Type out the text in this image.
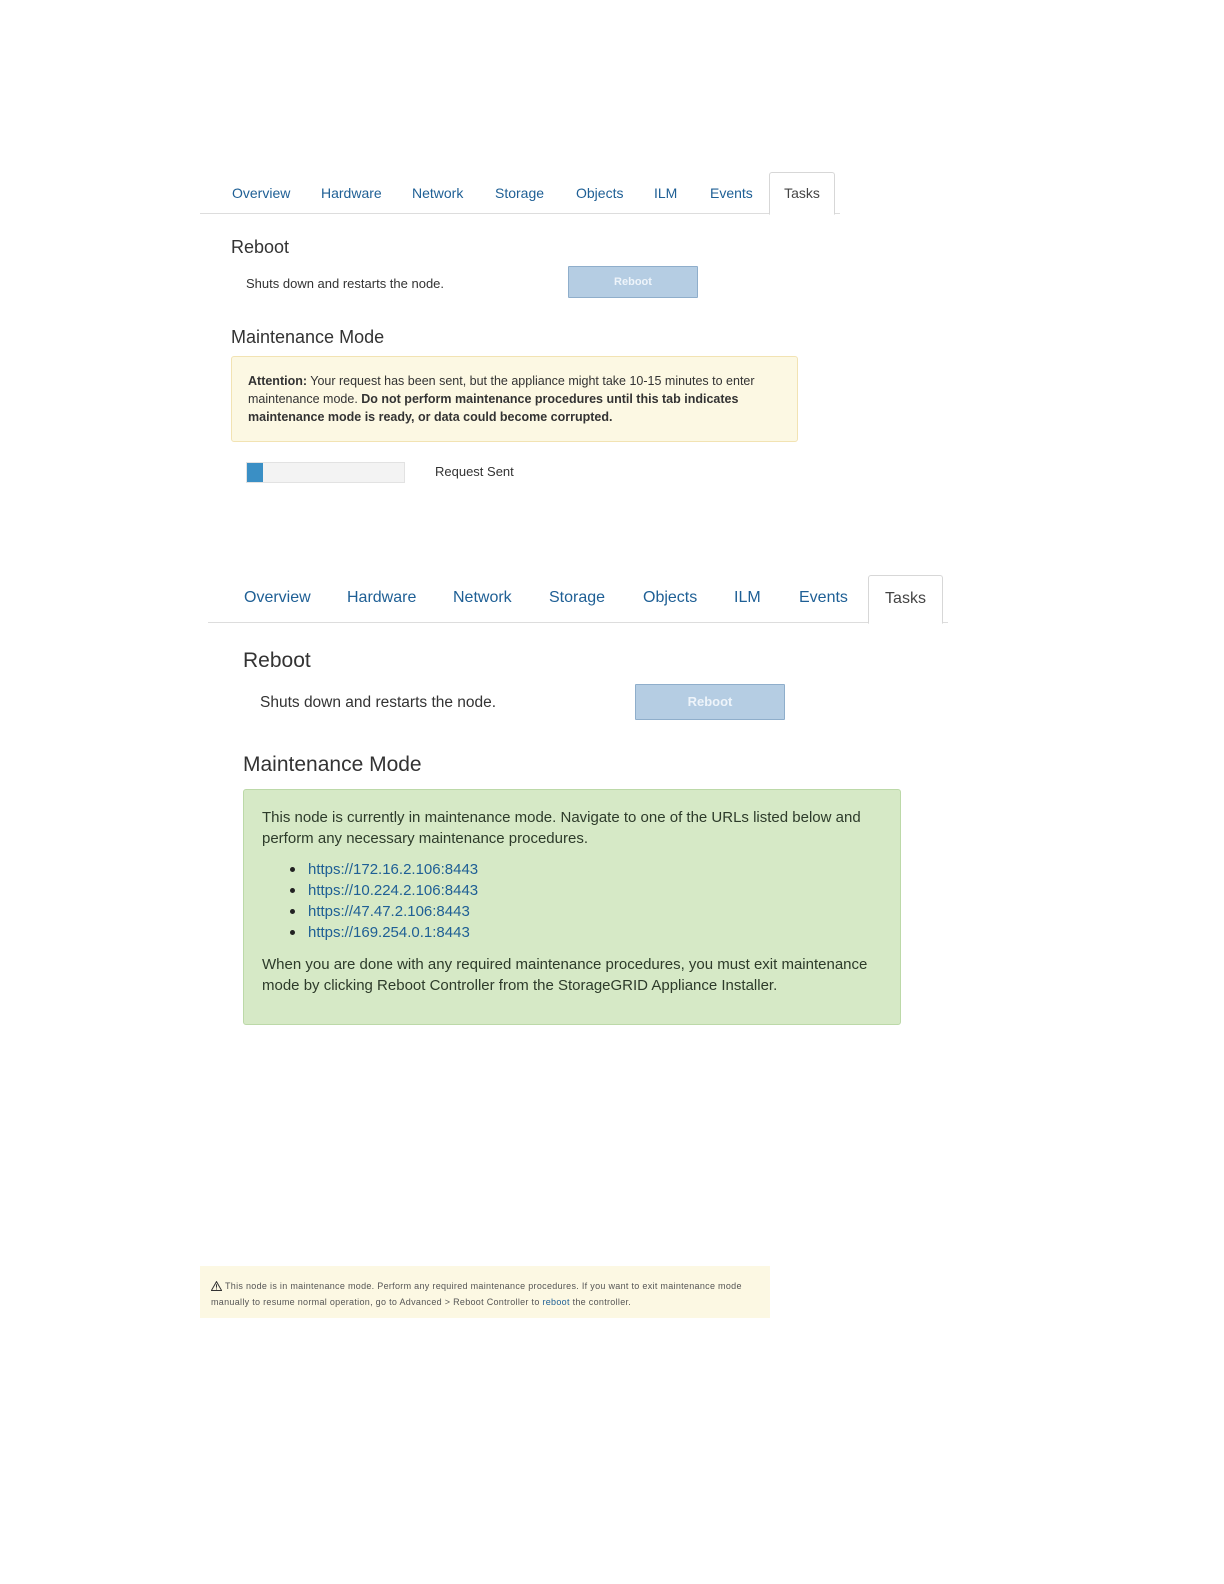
Overview Hardware Network Storage Objects ILM Events	Tasks
Reboot
Shuts down and restarts the node.	Reboot
Maintenance Mode
Attention: Your request has been sent, but the appliance might take 10-15 minutes to enter maintenance mode. Do not perform maintenance procedures until this tab indicates maintenance mode is ready, or data could become corrupted.
Request Sent
Overview Hardware Network Storage Objects ILM Events	Tasks
Reboot
Shuts down and restarts the node.	Reboot
Maintenance Mode
This node is currently in maintenance mode. Navigate to one of the URLs listed below and perform any necessary maintenance procedures.
https://172.16.2.106:8443
https://10.224.2.106:8443
https://47.47.2.106:8443
https://169.254.0.1:8443
When you are done with any required maintenance procedures, you must exit maintenance mode by clicking Reboot Controller from the StorageGRID Appliance Installer.
This node is in maintenance mode. Perform any required maintenance procedures. If you want to exit maintenance mode manually to resume normal operation, go to Advanced > Reboot Controller to reboot the controller.
